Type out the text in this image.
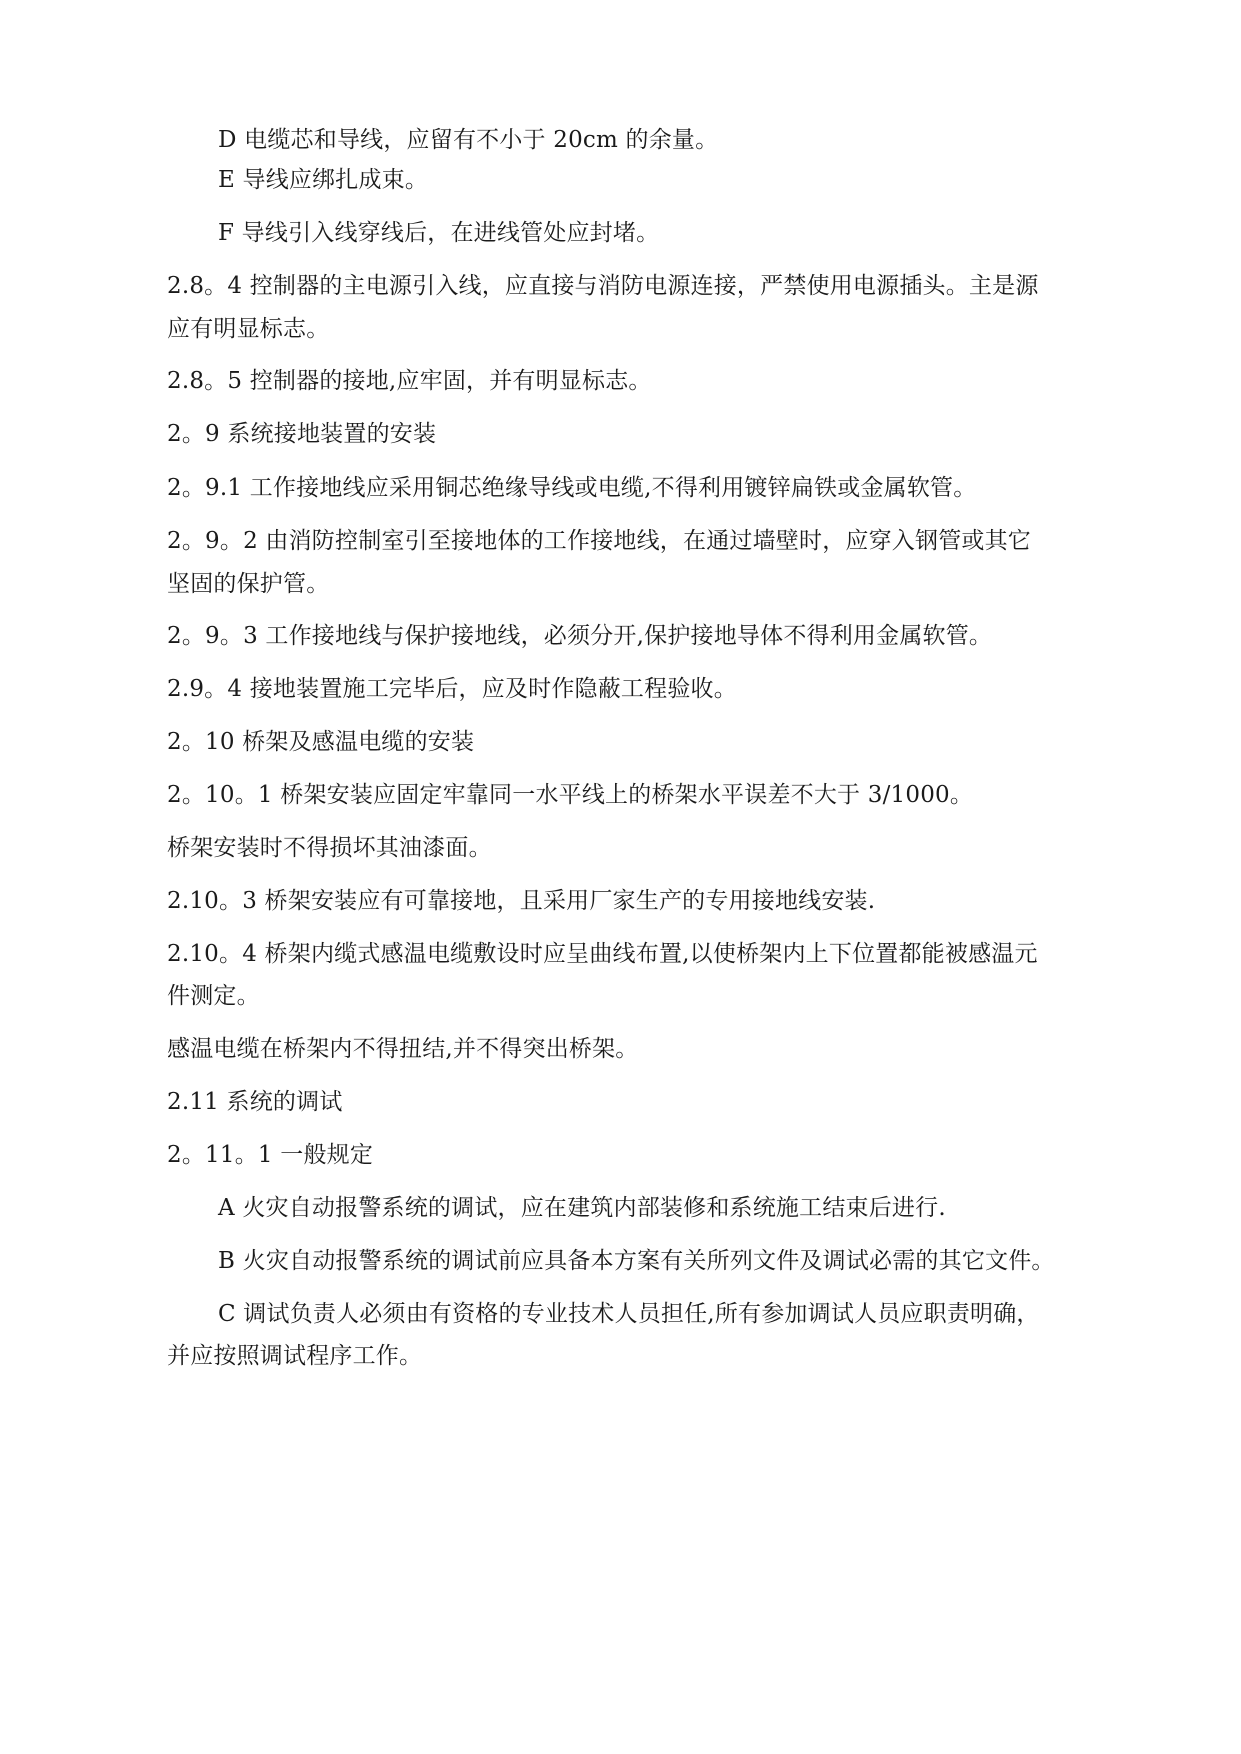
D 电缆芯和导线，应留有不小于 20cm 的余量。
E 导线应绑扎成束。
F 导线引入线穿线后，在进线管处应封堵。
2.8。4 控制器的主电源引入线，应直接与消防电源连接，严禁使用电源插头。主是源
应有明显标志。
2.8。5 控制器的接地,应牢固，并有明显标志。
2。9 系统接地装置的安装
2。9.1 工作接地线应采用铜芯绝缘导线或电缆,不得利用镀锌扁铁或金属软管。
2。9。2 由消防控制室引至接地体的工作接地线，在通过墙壁时，应穿入钢管或其它
坚固的保护管。
2。9。3 工作接地线与保护接地线，必须分开,保护接地导体不得利用金属软管。
2.9。4 接地装置施工完毕后，应及时作隐蔽工程验收。
2。10 桥架及感温电缆的安装
2。10。1 桥架安装应固定牢靠同一水平线上的桥架水平误差不大于 3/1000。
桥架安装时不得损坏其油漆面。
2.10。3 桥架安装应有可靠接地，且采用厂家生产的专用接地线安装.
2.10。4 桥架内缆式感温电缆敷设时应呈曲线布置,以使桥架内上下位置都能被感温元
件测定。
感温电缆在桥架内不得扭结,并不得突出桥架。
2.11 系统的调试
2。11。1 一般规定
A 火灾自动报警系统的调试，应在建筑内部装修和系统施工结束后进行.
B 火灾自动报警系统的调试前应具备本方案有关所列文件及调试必需的其它文件。
C 调试负责人必须由有资格的专业技术人员担任,所有参加调试人员应职责明确，
并应按照调试程序工作。
